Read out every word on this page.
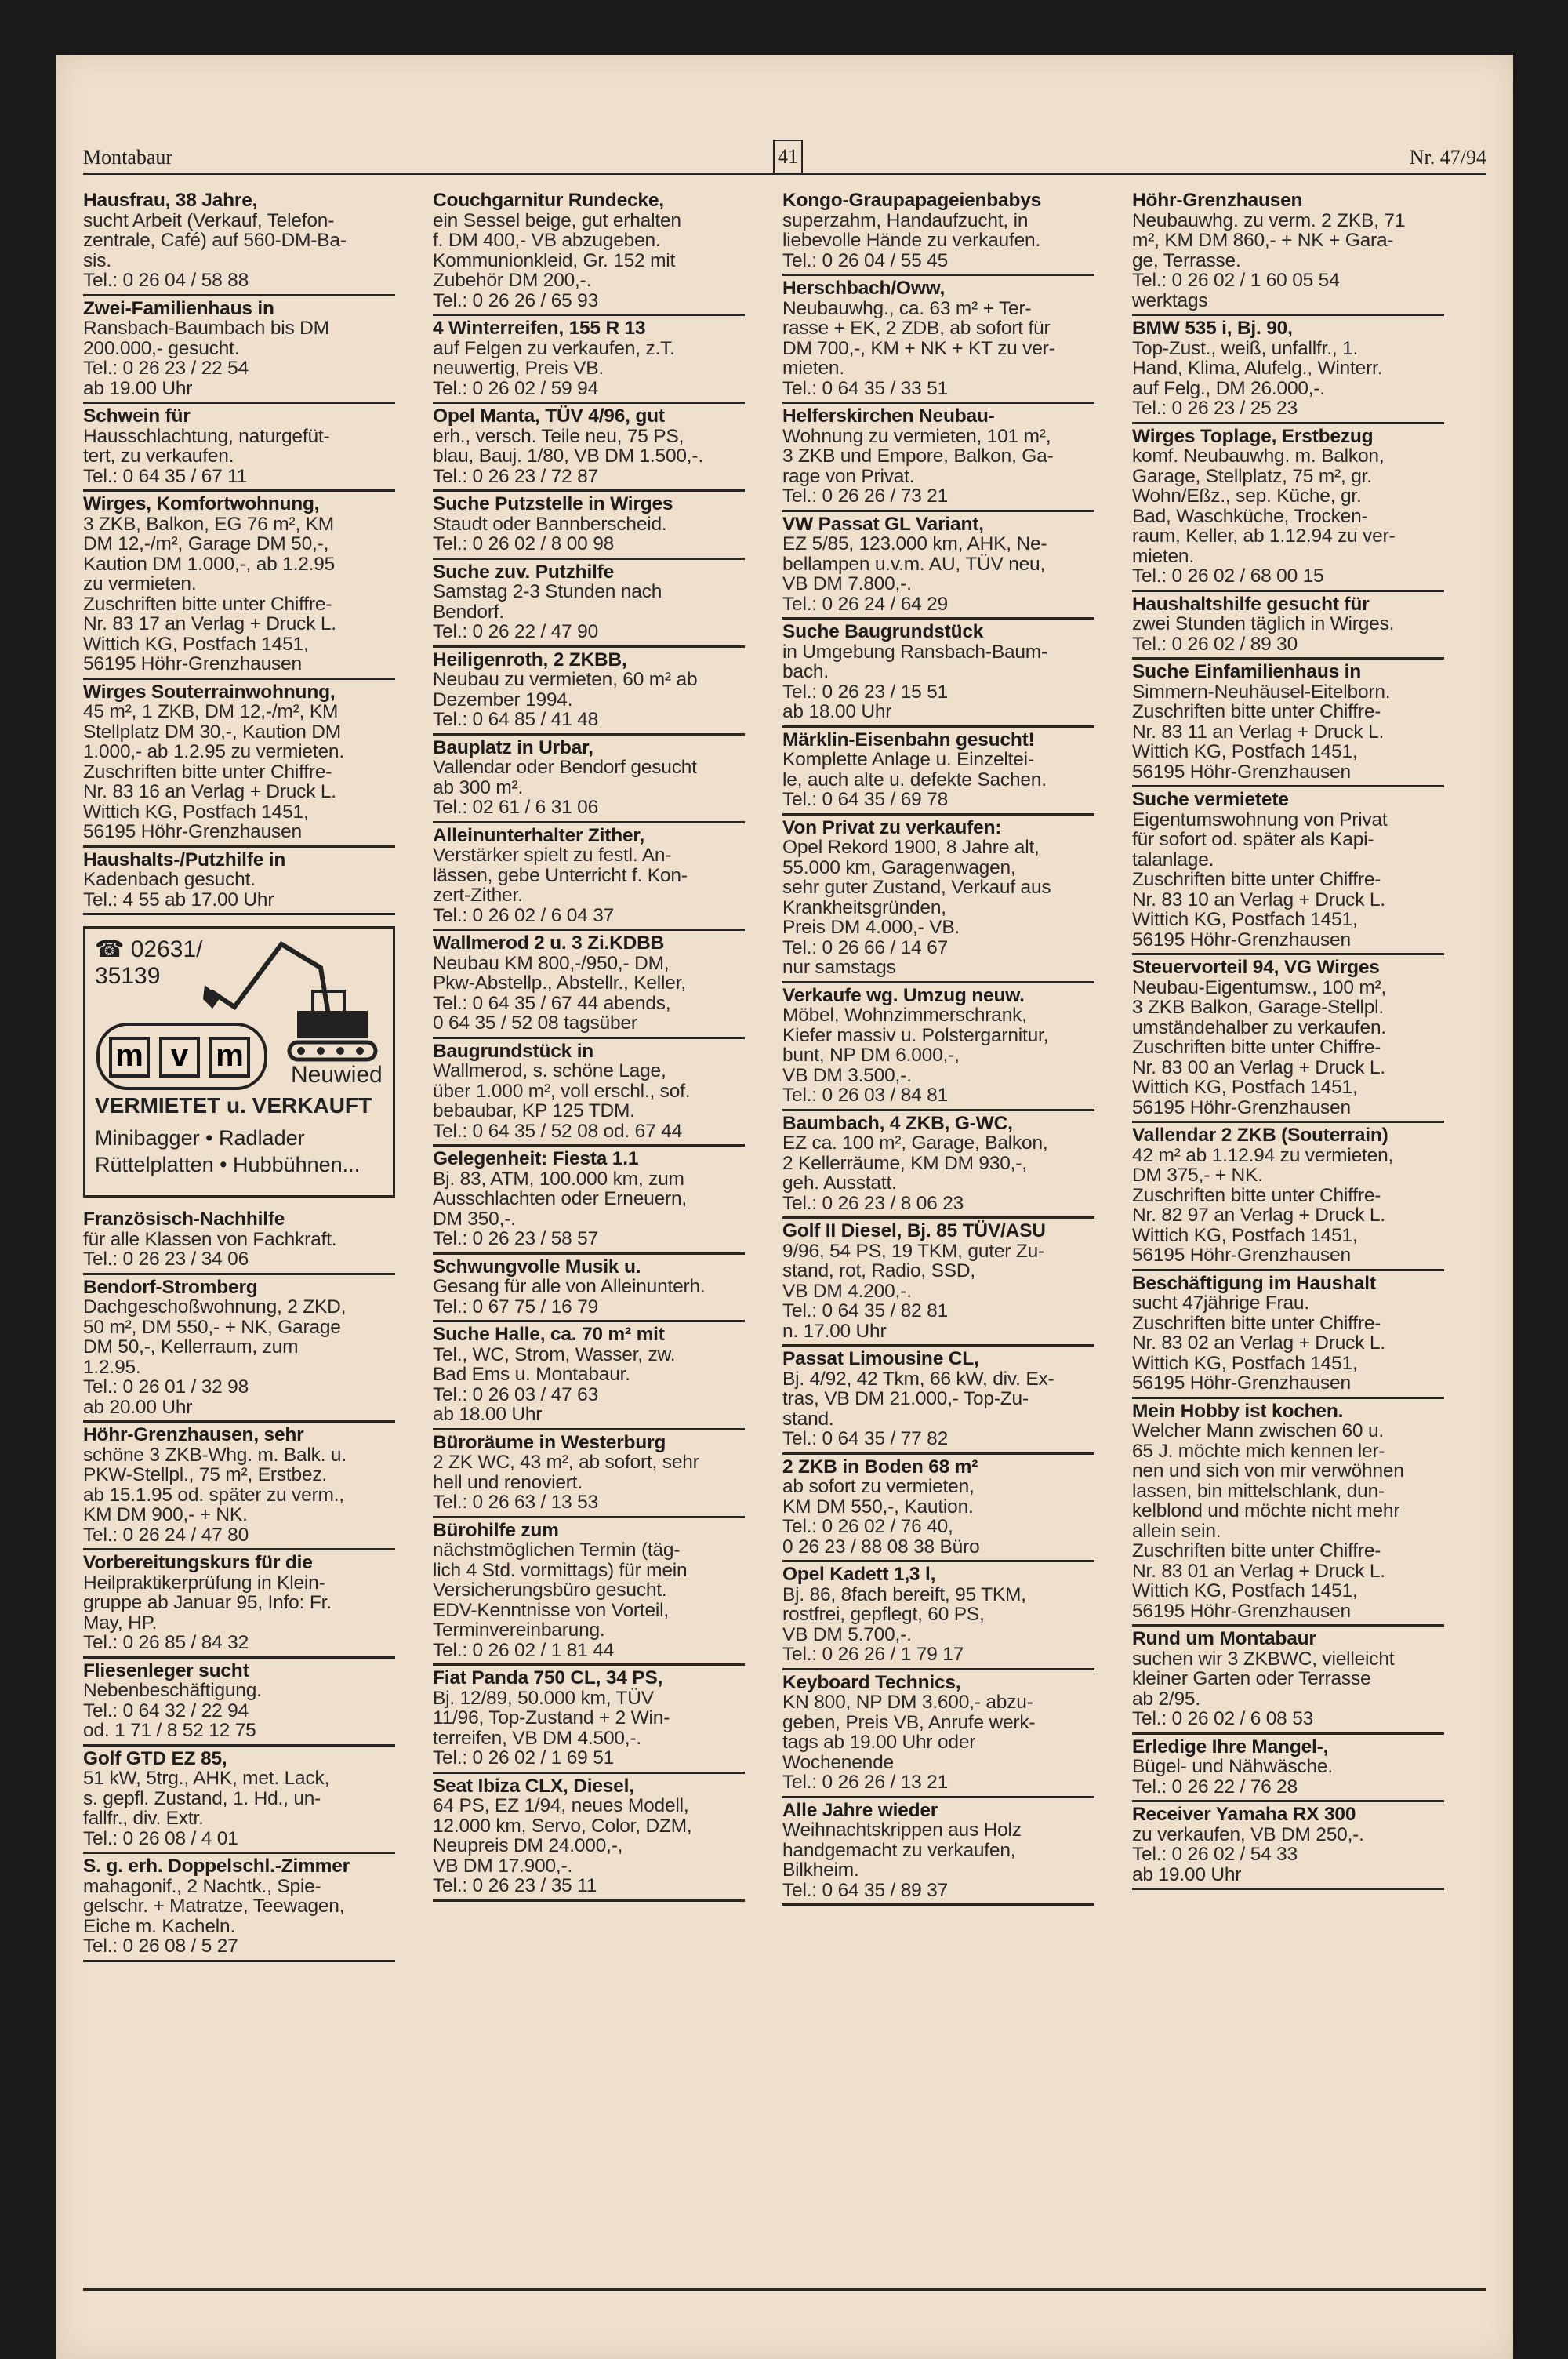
Montabaur	41	Nr. 47/94
Hausfrau, 38 Jahre,
sucht Arbeit (Verkauf, Telefon-
zentrale, Café) auf 560-DM-Ba-
sis.
Tel.: 0 26 04 / 58 88
Zwei-Familienhaus in
Ransbach-Baumbach bis DM
200.000,- gesucht.
Tel.: 0 26 23 / 22 54
ab 19.00 Uhr
Schwein für
Hausschlachtung, naturgefüt-
tert, zu verkaufen.
Tel.: 0 64 35 / 67 11
Wirges, Komfortwohnung,
3 ZKB, Balkon, EG 76 m², KM
DM 12,-/m², Garage DM 50,-,
Kaution DM 1.000,-, ab 1.2.95
zu vermieten.
Zuschriften bitte unter Chiffre-
Nr. 83 17 an Verlag + Druck L.
Wittich KG, Postfach 1451,
56195 Höhr-Grenzhausen
Wirges Souterrainwohnung,
45 m², 1 ZKB, DM 12,-/m², KM
Stellplatz DM 30,-, Kaution DM
1.000,- ab 1.2.95 zu vermieten.
Zuschriften bitte unter Chiffre-
Nr. 83 16 an Verlag + Druck L.
Wittich KG, Postfach 1451,
56195 Höhr-Grenzhausen
Haushalts-/Putzhilfe in
Kadenbach gesucht.
Tel.: 4 55 ab 17.00 Uhr
☎ 02631/
35139
m v m
Neuwied
VERMIETET u. VERKAUFT
Minibagger • Radlader
Rüttelplatten • Hubbühnen...
Französisch-Nachhilfe
für alle Klassen von Fachkraft.
Tel.: 0 26 23 / 34 06
Bendorf-Stromberg
Dachgeschoßwohnung, 2 ZKD,
50 m², DM 550,- + NK, Garage
DM 50,-, Kellerraum, zum
1.2.95.
Tel.: 0 26 01 / 32 98
ab 20.00 Uhr
Höhr-Grenzhausen, sehr
schöne 3 ZKB-Whg. m. Balk. u.
PKW-Stellpl., 75 m², Erstbez.
ab 15.1.95 od. später zu verm.,
KM DM 900,- + NK.
Tel.: 0 26 24 / 47 80
Vorbereitungskurs für die
Heilpraktikerprüfung in Klein-
gruppe ab Januar 95, Info: Fr.
May, HP.
Tel.: 0 26 85 / 84 32
Fliesenleger sucht
Nebenbeschäftigung.
Tel.: 0 64 32 / 22 94
od. 1 71 / 8 52 12 75
Golf GTD EZ 85,
51 kW, 5trg., AHK, met. Lack,
s. gepfl. Zustand, 1. Hd., un-
fallfr., div. Extr.
Tel.: 0 26 08 / 4 01
S. g. erh. Doppelschl.-Zimmer
mahagonif., 2 Nachtk., Spie-
gelschr. + Matratze, Teewagen,
Eiche m. Kacheln.
Tel.: 0 26 08 / 5 27
Couchgarnitur Rundecke,
ein Sessel beige, gut erhalten
f. DM 400,- VB abzugeben.
Kommunionkleid, Gr. 152 mit
Zubehör DM 200,-.
Tel.: 0 26 26 / 65 93
4 Winterreifen, 155 R 13
auf Felgen zu verkaufen, z.T.
neuwertig, Preis VB.
Tel.: 0 26 02 / 59 94
Opel Manta, TÜV 4/96, gut
erh., versch. Teile neu, 75 PS,
blau, Bauj. 1/80, VB DM 1.500,-.
Tel.: 0 26 23 / 72 87
Suche Putzstelle in Wirges
Staudt oder Bannberscheid.
Tel.: 0 26 02 / 8 00 98
Suche zuv. Putzhilfe
Samstag 2-3 Stunden nach
Bendorf.
Tel.: 0 26 22 / 47 90
Heiligenroth, 2 ZKBB,
Neubau zu vermieten, 60 m² ab
Dezember 1994.
Tel.: 0 64 85 / 41 48
Bauplatz in Urbar,
Vallendar oder Bendorf gesucht
ab 300 m².
Tel.: 02 61 / 6 31 06
Alleinunterhalter Zither,
Verstärker spielt zu festl. An-
lässen, gebe Unterricht f. Kon-
zert-Zither.
Tel.: 0 26 02 / 6 04 37
Wallmerod 2 u. 3 Zi.KDBB
Neubau KM 800,-/950,- DM,
Pkw-Abstellp., Abstellr., Keller,
Tel.: 0 64 35 / 67 44 abends,
0 64 35 / 52 08 tagsüber
Baugrundstück in
Wallmerod, s. schöne Lage,
über 1.000 m², voll erschl., sof.
bebaubar, KP 125 TDM.
Tel.: 0 64 35 / 52 08 od. 67 44
Gelegenheit: Fiesta 1.1
Bj. 83, ATM, 100.000 km, zum
Ausschlachten oder Erneuern,
DM 350,-.
Tel.: 0 26 23 / 58 57
Schwungvolle Musik u.
Gesang für alle von Alleinunterh.
Tel.: 0 67 75 / 16 79
Suche Halle, ca. 70 m² mit
Tel., WC, Strom, Wasser, zw.
Bad Ems u. Montabaur.
Tel.: 0 26 03 / 47 63
ab 18.00 Uhr
Büroräume in Westerburg
2 ZK WC, 43 m², ab sofort, sehr
hell und renoviert.
Tel.: 0 26 63 / 13 53
Bürohilfe zum
nächstmöglichen Termin (täg-
lich 4 Std. vormittags) für mein
Versicherungsbüro gesucht.
EDV-Kenntnisse von Vorteil,
Terminvereinbarung.
Tel.: 0 26 02 / 1 81 44
Fiat Panda 750 CL, 34 PS,
Bj. 12/89, 50.000 km, TÜV
11/96, Top-Zustand + 2 Win-
terreifen, VB DM 4.500,-.
Tel.: 0 26 02 / 1 69 51
Seat Ibiza CLX, Diesel,
64 PS, EZ 1/94, neues Modell,
12.000 km, Servo, Color, DZM,
Neupreis DM 24.000,-,
VB DM 17.900,-.
Tel.: 0 26 23 / 35 11
Kongo-Graupapageienbabys
superzahm, Handaufzucht, in
liebevolle Hände zu verkaufen.
Tel.: 0 26 04 / 55 45
Herschbach/Oww,
Neubauwhg., ca. 63 m² + Ter-
rasse + EK, 2 ZDB, ab sofort für
DM 700,-, KM + NK + KT zu ver-
mieten.
Tel.: 0 64 35 / 33 51
Helferskirchen Neubau-
Wohnung zu vermieten, 101 m²,
3 ZKB und Empore, Balkon, Ga-
rage von Privat.
Tel.: 0 26 26 / 73 21
VW Passat GL Variant,
EZ 5/85, 123.000 km, AHK, Ne-
bellampen u.v.m. AU, TÜV neu,
VB DM 7.800,-.
Tel.: 0 26 24 / 64 29
Suche Baugrundstück
in Umgebung Ransbach-Baum-
bach.
Tel.: 0 26 23 / 15 51
ab 18.00 Uhr
Märklin-Eisenbahn gesucht!
Komplette Anlage u. Einzeltei-
le, auch alte u. defekte Sachen.
Tel.: 0 64 35 / 69 78
Von Privat zu verkaufen:
Opel Rekord 1900, 8 Jahre alt,
55.000 km, Garagenwagen,
sehr guter Zustand, Verkauf aus
Krankheitsgründen,
Preis DM 4.000,- VB.
Tel.: 0 26 66 / 14 67
nur samstags
Verkaufe wg. Umzug neuw.
Möbel, Wohnzimmerschrank,
Kiefer massiv u. Polstergarnitur,
bunt, NP DM 6.000,-,
VB DM 3.500,-.
Tel.: 0 26 03 / 84 81
Baumbach, 4 ZKB, G-WC,
EZ ca. 100 m², Garage, Balkon,
2 Kellerräume, KM DM 930,-,
geh. Ausstatt.
Tel.: 0 26 23 / 8 06 23
Golf II Diesel, Bj. 85 TÜV/ASU
9/96, 54 PS, 19 TKM, guter Zu-
stand, rot, Radio, SSD,
VB DM 4.200,-.
Tel.: 0 64 35 / 82 81
n. 17.00 Uhr
Passat Limousine CL,
Bj. 4/92, 42 Tkm, 66 kW, div. Ex-
tras, VB DM 21.000,- Top-Zu-
stand.
Tel.: 0 64 35 / 77 82
2 ZKB in Boden 68 m²
ab sofort zu vermieten,
KM DM 550,-, Kaution.
Tel.: 0 26 02 / 76 40,
0 26 23 / 88 08 38 Büro
Opel Kadett 1,3 l,
Bj. 86, 8fach bereift, 95 TKM,
rostfrei, gepflegt, 60 PS,
VB DM 5.700,-.
Tel.: 0 26 26 / 1 79 17
Keyboard Technics,
KN 800, NP DM 3.600,- abzu-
geben, Preis VB, Anrufe werk-
tags ab 19.00 Uhr oder
Wochenende
Tel.: 0 26 26 / 13 21
Alle Jahre wieder
Weihnachtskrippen aus Holz
handgemacht zu verkaufen,
Bilkheim.
Tel.: 0 64 35 / 89 37
Höhr-Grenzhausen
Neubauwhg. zu verm. 2 ZKB, 71
m², KM DM 860,- + NK + Gara-
ge, Terrasse.
Tel.: 0 26 02 / 1 60 05 54
werktags
BMW 535 i, Bj. 90,
Top-Zust., weiß, unfallfr., 1.
Hand, Klima, Alufelg., Winterr.
auf Felg., DM 26.000,-.
Tel.: 0 26 23 / 25 23
Wirges Toplage, Erstbezug
komf. Neubauwhg. m. Balkon,
Garage, Stellplatz, 75 m², gr.
Wohn/Eßz., sep. Küche, gr.
Bad, Waschküche, Trocken-
raum, Keller, ab 1.12.94 zu ver-
mieten.
Tel.: 0 26 02 / 68 00 15
Haushaltshilfe gesucht für
zwei Stunden täglich in Wirges.
Tel.: 0 26 02 / 89 30
Suche Einfamilienhaus in
Simmern-Neuhäusel-Eitelborn.
Zuschriften bitte unter Chiffre-
Nr. 83 11 an Verlag + Druck L.
Wittich KG, Postfach 1451,
56195 Höhr-Grenzhausen
Suche vermietete
Eigentumswohnung von Privat
für sofort od. später als Kapi-
talanlage.
Zuschriften bitte unter Chiffre-
Nr. 83 10 an Verlag + Druck L.
Wittich KG, Postfach 1451,
56195 Höhr-Grenzhausen
Steuervorteil 94, VG Wirges
Neubau-Eigentumsw., 100 m²,
3 ZKB Balkon, Garage-Stellpl.
umständehalber zu verkaufen.
Zuschriften bitte unter Chiffre-
Nr. 83 00 an Verlag + Druck L.
Wittich KG, Postfach 1451,
56195 Höhr-Grenzhausen
Vallendar 2 ZKB (Souterrain)
42 m² ab 1.12.94 zu vermieten,
DM 375,- + NK.
Zuschriften bitte unter Chiffre-
Nr. 82 97 an Verlag + Druck L.
Wittich KG, Postfach 1451,
56195 Höhr-Grenzhausen
Beschäftigung im Haushalt
sucht 47jährige Frau.
Zuschriften bitte unter Chiffre-
Nr. 83 02 an Verlag + Druck L.
Wittich KG, Postfach 1451,
56195 Höhr-Grenzhausen
Mein Hobby ist kochen.
Welcher Mann zwischen 60 u.
65 J. möchte mich kennen ler-
nen und sich von mir verwöhnen
lassen, bin mittelschlank, dun-
kelblond und möchte nicht mehr
allein sein.
Zuschriften bitte unter Chiffre-
Nr. 83 01 an Verlag + Druck L.
Wittich KG, Postfach 1451,
56195 Höhr-Grenzhausen
Rund um Montabaur
suchen wir 3 ZKBWC, vielleicht
kleiner Garten oder Terrasse
ab 2/95.
Tel.: 0 26 02 / 6 08 53
Erledige Ihre Mangel-,
Bügel- und Nähwäsche.
Tel.: 0 26 22 / 76 28
Receiver Yamaha RX 300
zu verkaufen, VB DM 250,-.
Tel.: 0 26 02 / 54 33
ab 19.00 Uhr
